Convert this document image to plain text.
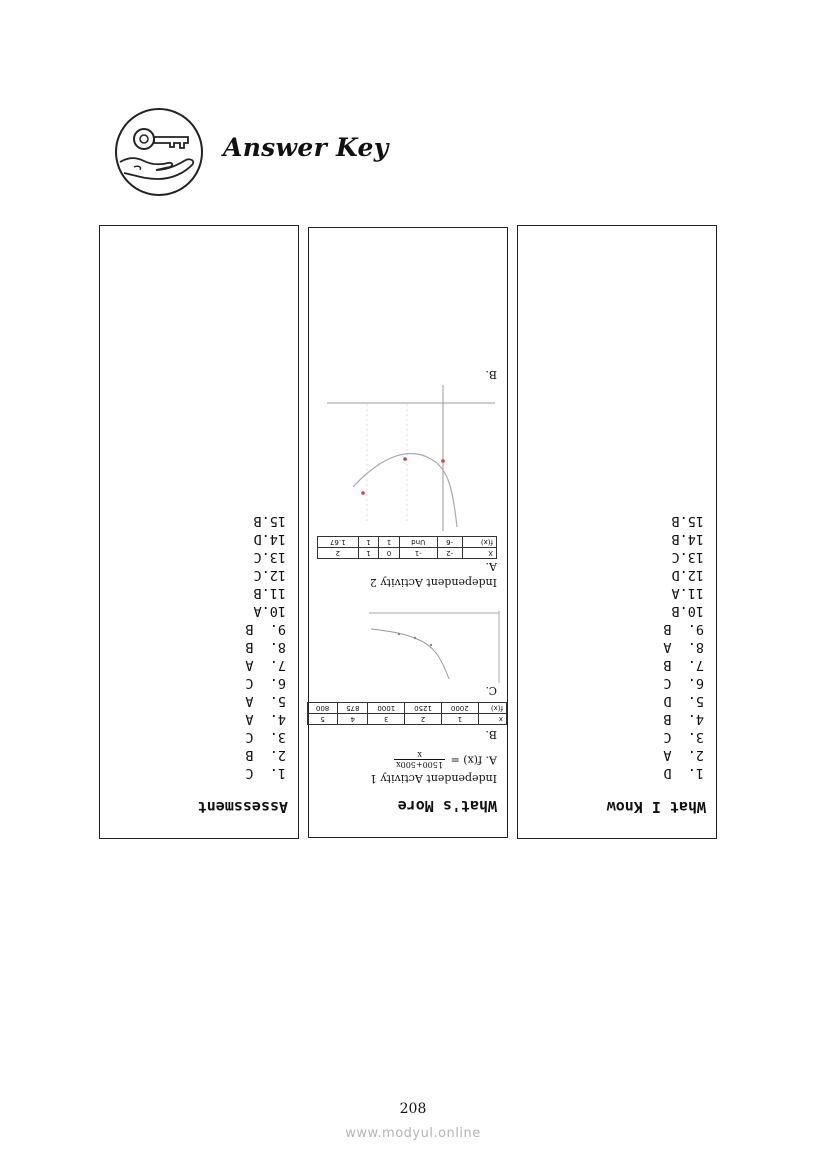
Answer Key
Assessment
1.  C
2.  B
3.  C
4.  A
5.  A
6.  C
7.  A
8.  B
9.  B
10.A
11.B
12.C
13.C
14.D
15.B
What's More
Independent Activity 1
A. f(x) =
1500+500x
x
B.
x	1	2	3	4	5
f(x)	2000	1250	1000	875	800
C.
Independent Activity 2
A.
X	-2	-1	0	1	2
f(x)	-6	Und	1	1	1.67
B.
What I Know
1.  D
2.  A
3.  C
4.  B
5.  D
6.  C
7.  B
8.  A
9.  B
10.B
11.A
12.D
13.C
14.B
15.B
208
www.modyul.online
